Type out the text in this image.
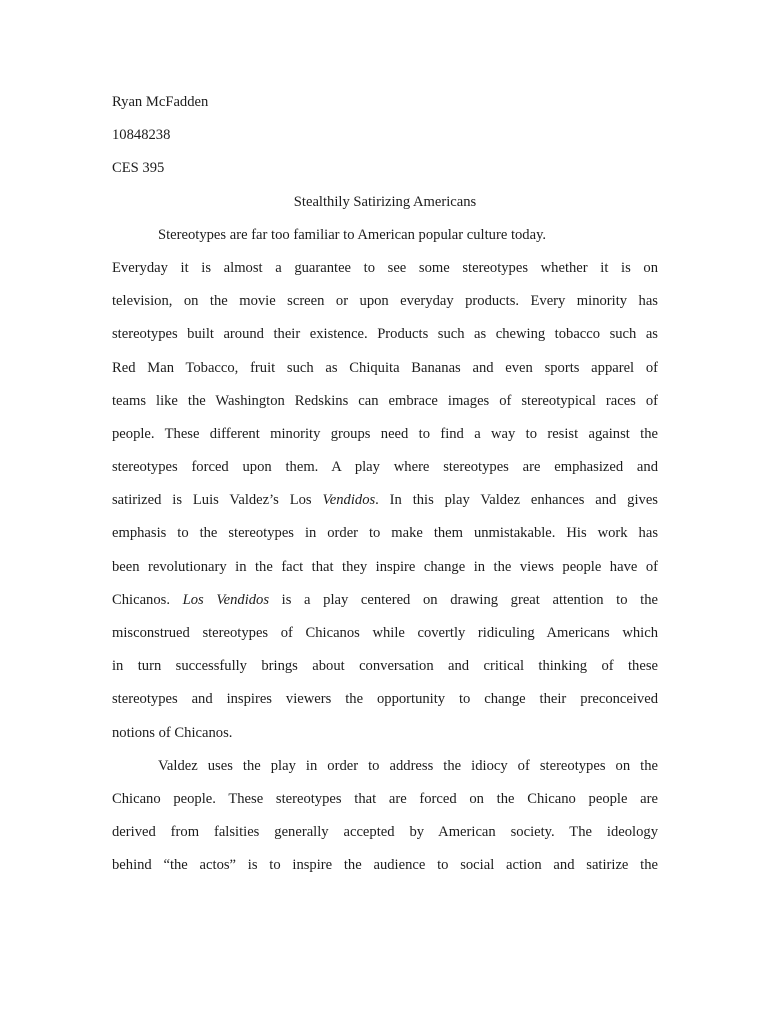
Ryan McFadden
10848238
CES 395
Stealthily Satirizing Americans
Stereotypes are far too familiar to American popular culture today.
Everyday it is almost a guarantee to see some stereotypes whether it is on
television, on the movie screen or upon everyday products. Every minority has
stereotypes built around their existence. Products such as chewing tobacco such as
Red Man Tobacco, fruit such as Chiquita Bananas and even sports apparel of
teams like the Washington Redskins can embrace images of stereotypical races of
people. These different minority groups need to find a way to resist against the
stereotypes forced upon them. A play where stereotypes are emphasized and
satirized is Luis Valdez’s Los Vendidos. In this play Valdez enhances and gives
emphasis to the stereotypes in order to make them unmistakable. His work has
been revolutionary in the fact that they inspire change in the views people have of
Chicanos. Los Vendidos is a play centered on drawing great attention to the
misconstrued stereotypes of Chicanos while covertly ridiculing Americans which
in turn successfully brings about conversation and critical thinking of these
stereotypes and inspires viewers the opportunity to change their preconceived
notions of Chicanos.
Valdez uses the play in order to address the idiocy of stereotypes on the
Chicano people. These stereotypes that are forced on the Chicano people are
derived from falsities generally accepted by American society. The ideology
behind “the actos” is to inspire the audience to social action and satirize the
